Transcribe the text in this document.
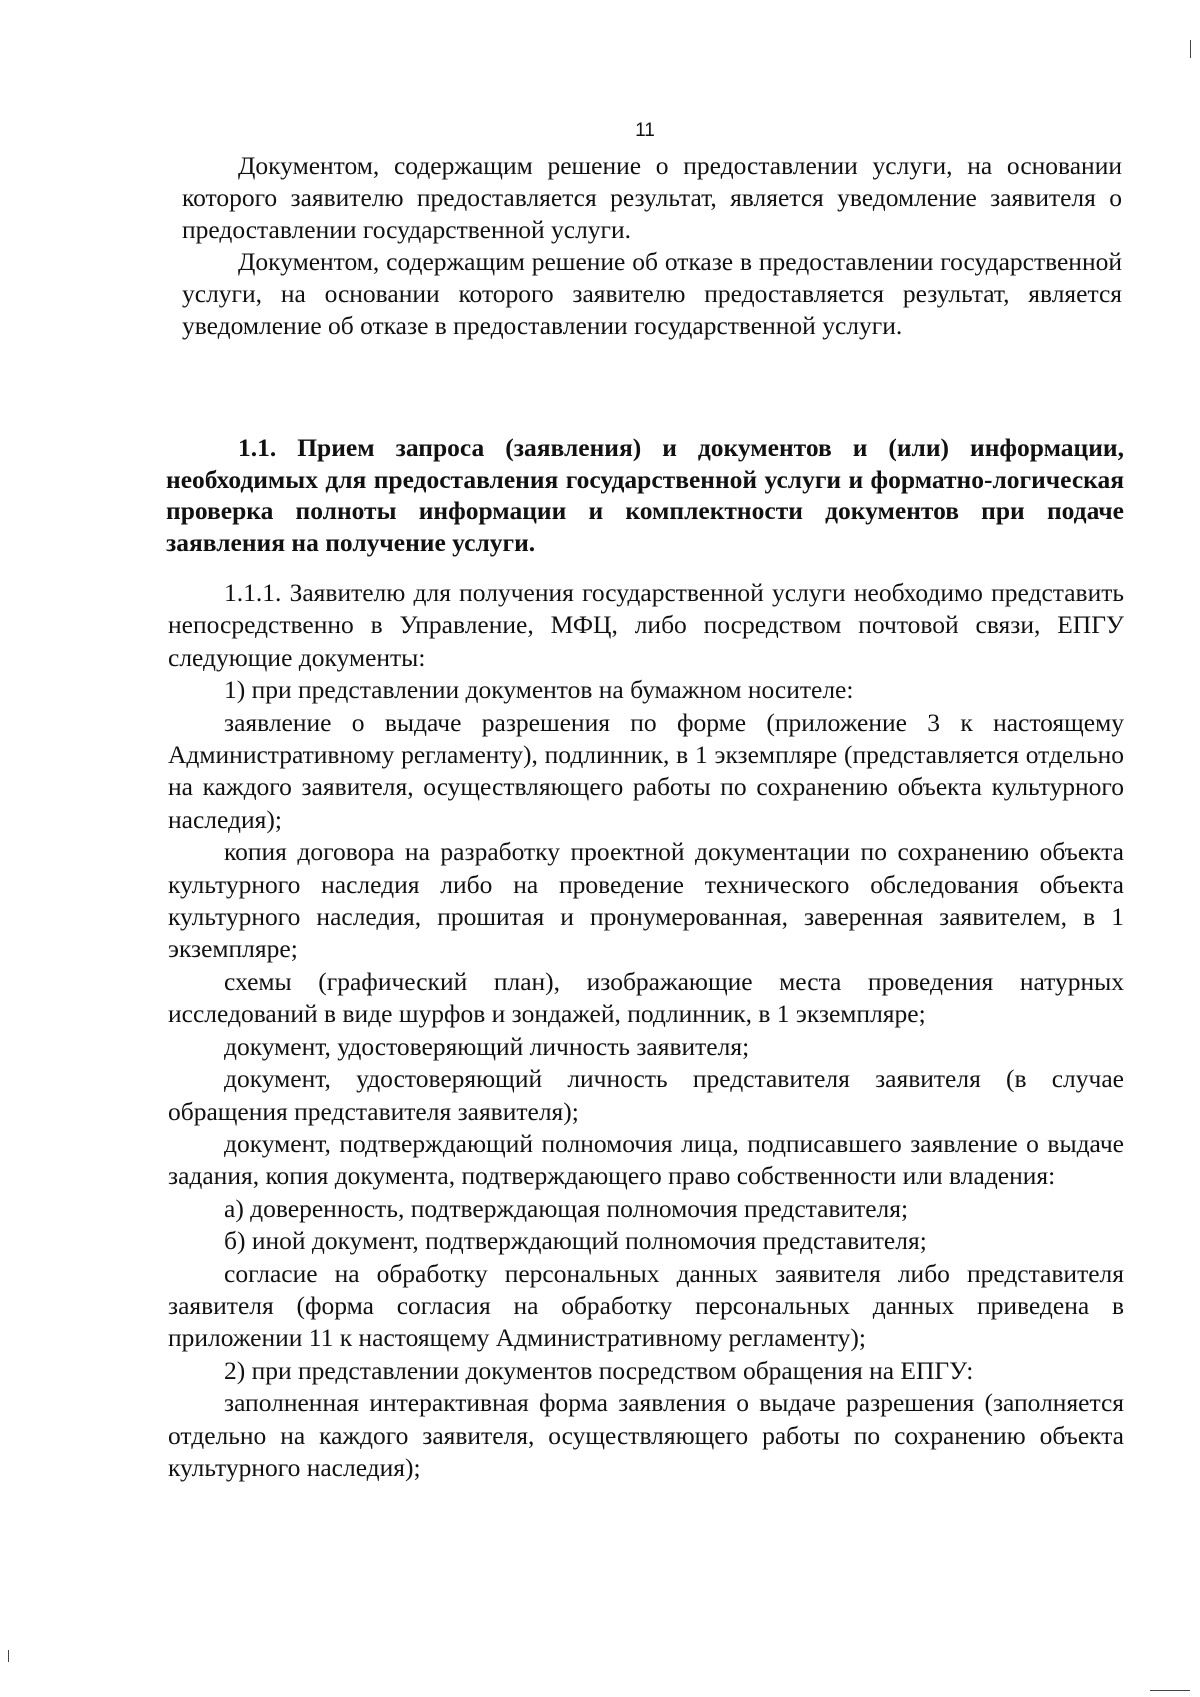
11

Документом, содержащим решение о предоставлении услуги, на основании которого заявителю предоставляется результат, является уведомление заявителя о предоставлении государственной услуги.

Документом, содержащим решение об отказе в предоставлении государственной услуги, на основании которого заявителю предоставляется результат, является уведомление об отказе в предоставлении государственной услуги.

1.1. Прием запроса (заявления) и документов и (или) информации, необходимых для предоставления государственной услуги и форматно-логическая проверка полноты информации и комплектности документов при подаче заявления на получение услуги.

1.1.1. Заявителю для получения государственной услуги необходимо представить непосредственно в Управление, МФЦ, либо посредством почтовой связи, ЕПГУ следующие документы:

1) при представлении документов на бумажном носителе:

заявление о выдаче разрешения по форме (приложение 3 к настоящему Административному регламенту), подлинник, в 1 экземпляре (представляется отдельно на каждого заявителя, осуществляющего работы по сохранению объекта культурного наследия);

копия договора на разработку проектной документации по сохранению объекта культурного наследия либо на проведение технического обследования объекта культурного наследия, прошитая и пронумерованная, заверенная заявителем, в 1 экземпляре;

схемы (графический план), изображающие места проведения натурных исследований в виде шурфов и зондажей, подлинник, в 1 экземпляре;

документ, удостоверяющий личность заявителя;

документ, удостоверяющий личность представителя заявителя (в случае обращения представителя заявителя);

документ, подтверждающий полномочия лица, подписавшего заявление о выдаче задания, копия документа, подтверждающего право собственности или владения:

а) доверенность, подтверждающая полномочия представителя;

б) иной документ, подтверждающий полномочия представителя;

согласие на обработку персональных данных заявителя либо представителя заявителя (форма согласия на обработку персональных данных приведена в приложении 11 к настоящему Административному регламенту);

2) при представлении документов посредством обращения на ЕПГУ:

заполненная интерактивная форма заявления о выдаче разрешения (заполняется отдельно на каждого заявителя, осуществляющего работы по сохранению объекта культурного наследия);
